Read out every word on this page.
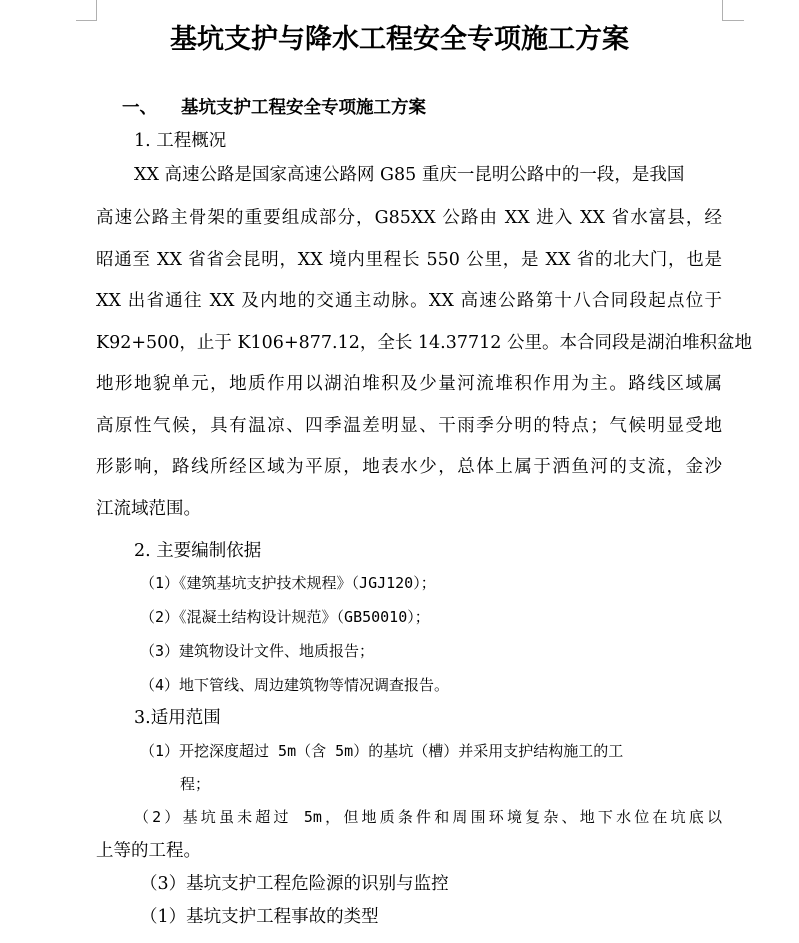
基坑支护与降水工程安全专项施工方案
一、 基坑支护工程安全专项施工方案
1. 工程概况
XX 高速公路是国家高速公路网 G85 重庆一昆明公路中的一段，是我国
高速公路主骨架的重要组成部分，G85XX 公路由 XX 进入 XX 省水富县，经
昭通至 XX 省省会昆明，XX 境内里程长 550 公里，是 XX 省的北大门，也是
XX 出省通往 XX 及内地的交通主动脉。XX 高速公路第十八合同段起点位于
K92+500，止于 K106+877.12，全长 14.37712 公里。本合同段是湖泊堆积盆地
地形地貌单元，地质作用以湖泊堆积及少量河流堆积作用为主。路线区域属
高原性气候，具有温凉、四季温差明显、干雨季分明的特点；气候明显受地
形影响，路线所经区域为平原，地表水少，总体上属于洒鱼河的支流，金沙
江流域范围。
2. 主要编制依据
（1）《建筑基坑支护技术规程》（JGJ120）；
（2）《混凝土结构设计规范》（GB50010）；
（3）建筑物设计文件、地质报告；
（4）地下管线、周边建筑物等情况调查报告。
3.适用范围
（1）开挖深度超过 5m（含 5m）的基坑（槽）并采用支护结构施工的工
程；
（2）基坑虽未超过 5m，但地质条件和周围环境复杂、地下水位在坑底以
上等的工程。
（3）基坑支护工程危险源的识别与监控
（1）基坑支护工程事故的类型
